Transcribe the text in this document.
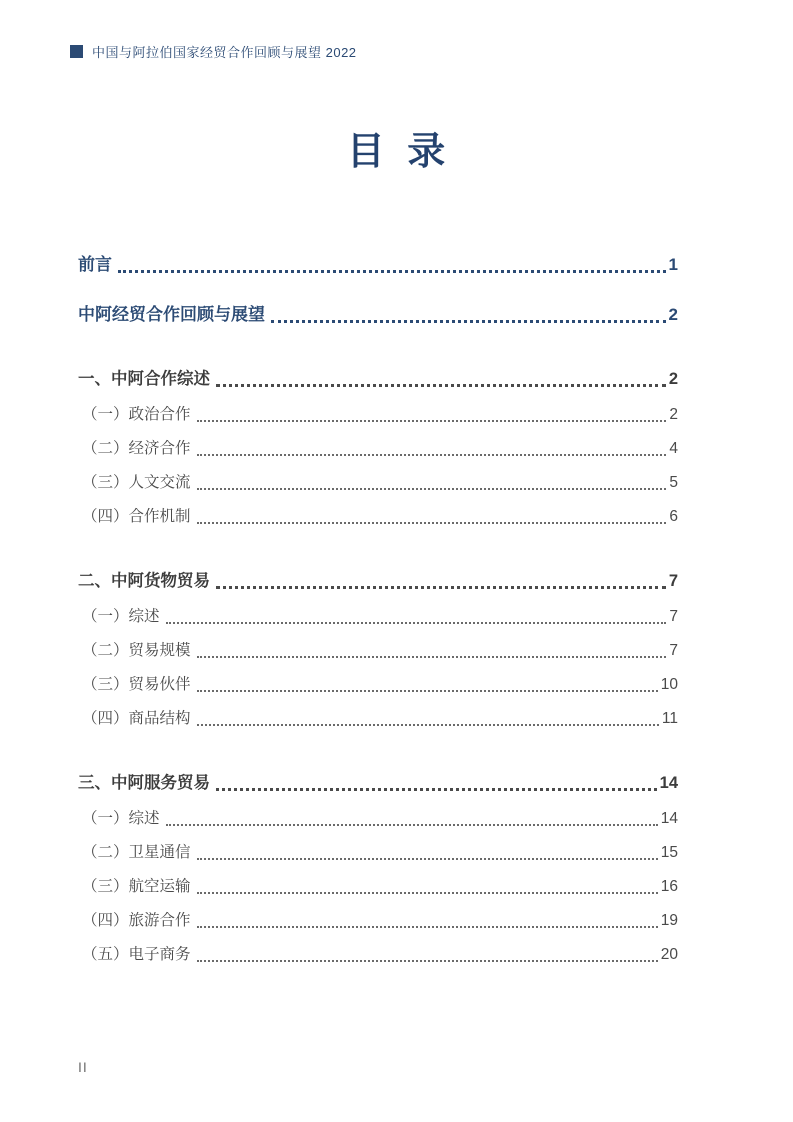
中国与阿拉伯国家经贸合作回顾与展望 2022
目 录
前言	1
中阿经贸合作回顾与展望	2
一、中阿合作综述	2
（一）政治合作	2
（二）经济合作	4
（三）人文交流	5
（四）合作机制	6
二、中阿货物贸易	7
（一）综述	7
（二）贸易规模	7
（三）贸易伙伴	10
（四）商品结构	11
三、中阿服务贸易	14
（一）综述	14
（二）卫星通信	15
（三）航空运输	16
（四）旅游合作	19
（五）电子商务	20
II
